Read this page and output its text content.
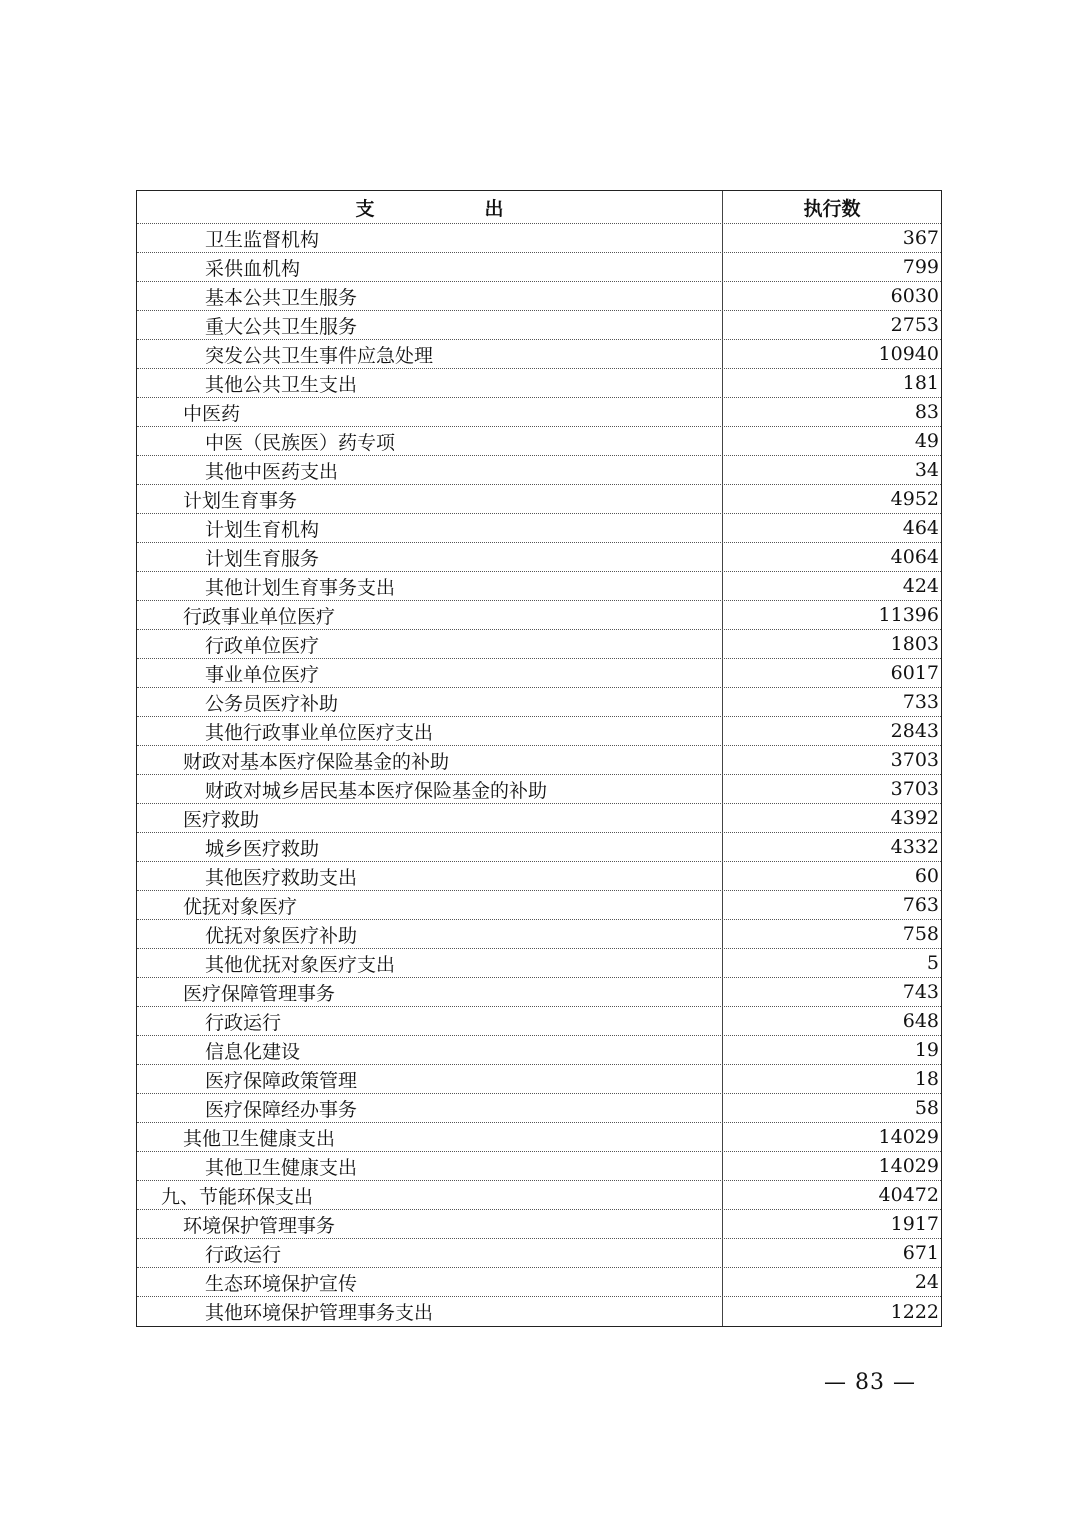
支出	执行数
卫生监督机构	367
采供血机构	799
基本公共卫生服务	6030
重大公共卫生服务	2753
突发公共卫生事件应急处理	10940
其他公共卫生支出	181
中医药	83
中医（民族医）药专项	49
其他中医药支出	34
计划生育事务	4952
计划生育机构	464
计划生育服务	4064
其他计划生育事务支出	424
行政事业单位医疗	11396
行政单位医疗	1803
事业单位医疗	6017
公务员医疗补助	733
其他行政事业单位医疗支出	2843
财政对基本医疗保险基金的补助	3703
财政对城乡居民基本医疗保险基金的补助	3703
医疗救助	4392
城乡医疗救助	4332
其他医疗救助支出	60
优抚对象医疗	763
优抚对象医疗补助	758
其他优抚对象医疗支出	5
医疗保障管理事务	743
行政运行	648
信息化建设	19
医疗保障政策管理	18
医疗保障经办事务	58
其他卫生健康支出	14029
其他卫生健康支出	14029
九、节能环保支出	40472
环境保护管理事务	1917
行政运行	671
生态环境保护宣传	24
其他环境保护管理事务支出	1222
— 83 —
